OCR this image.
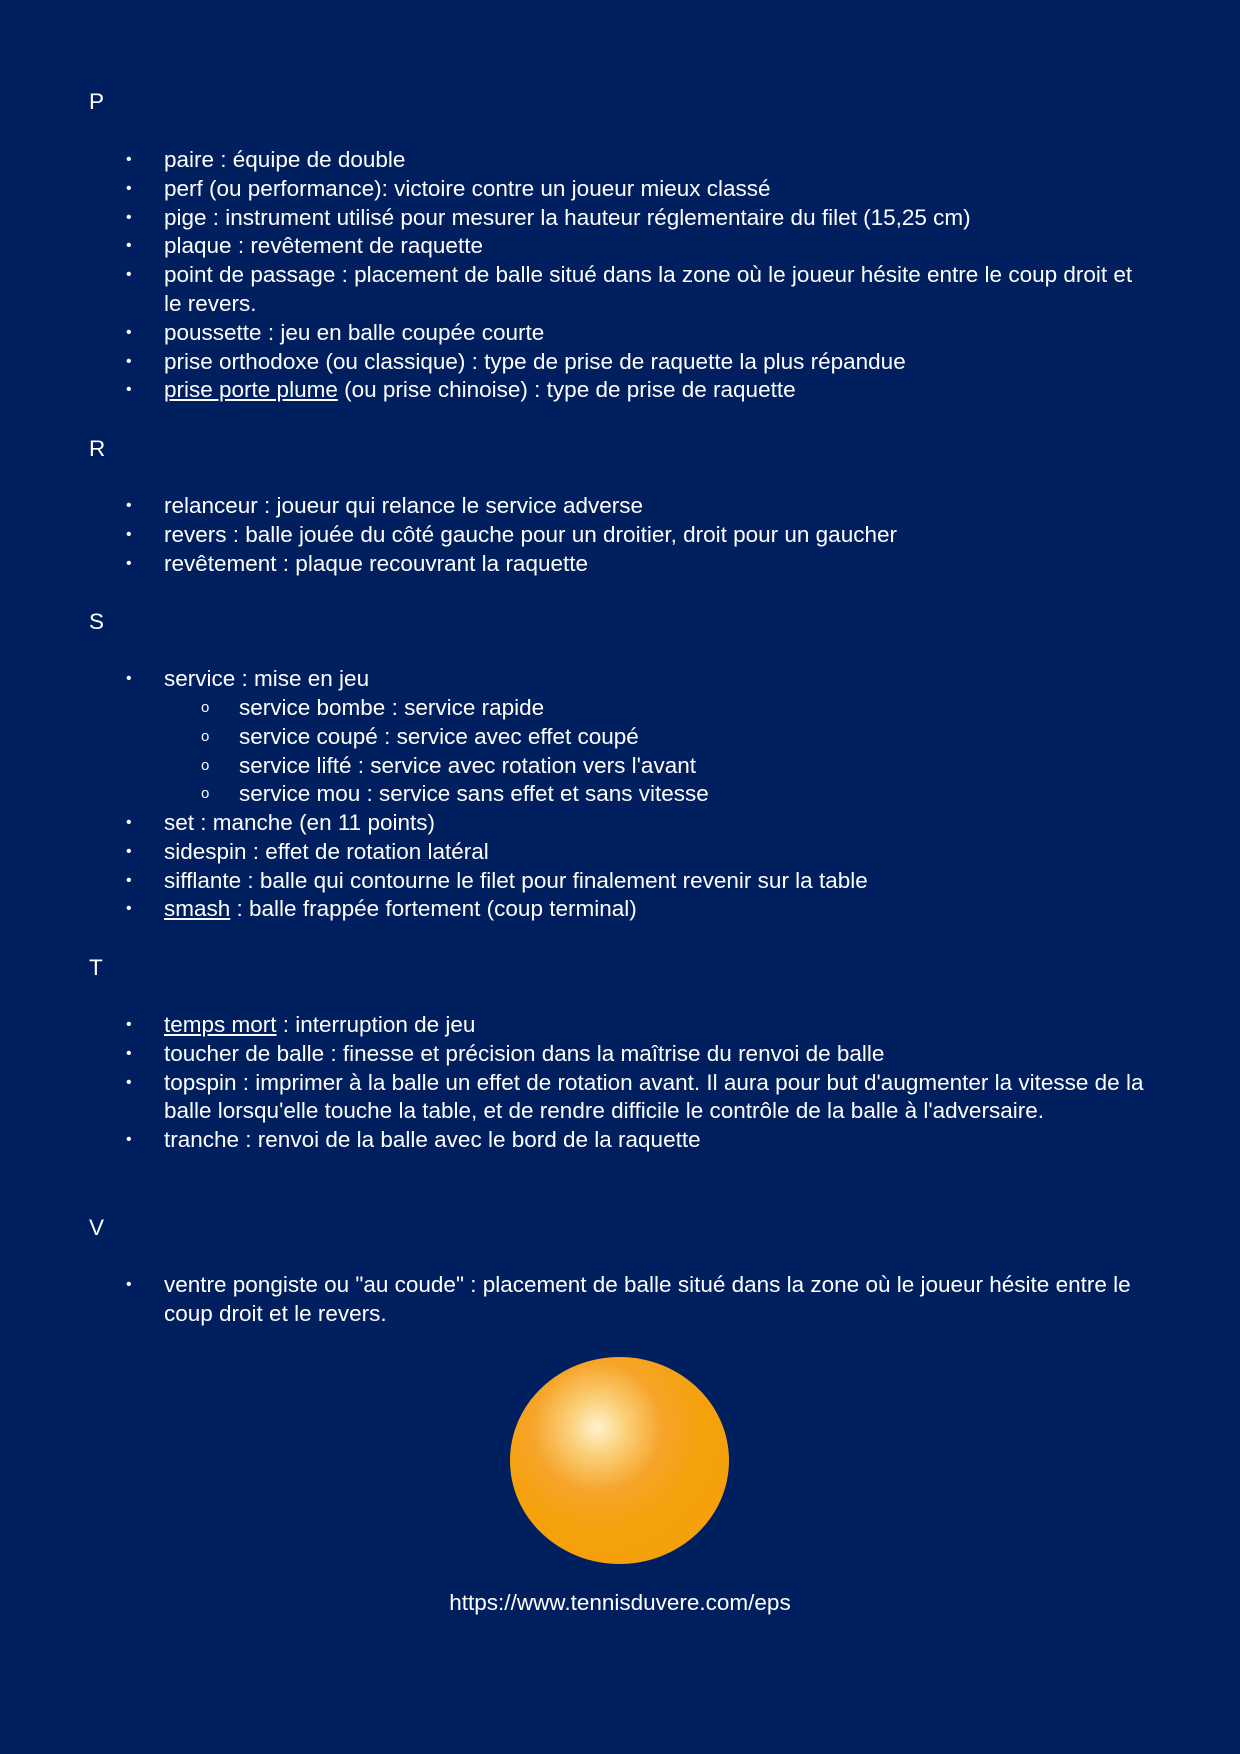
P
• paire : équipe de double
• perf (ou performance): victoire contre un joueur mieux classé
• pige : instrument utilisé pour mesurer la hauteur réglementaire du filet (15,25 cm)
• plaque : revêtement de raquette
• point de passage : placement de balle situé dans la zone où le joueur hésite entre le coup droit et le revers.
• poussette : jeu en balle coupée courte
• prise orthodoxe (ou classique) : type de prise de raquette la plus répandue
• prise porte plume (ou prise chinoise) : type de prise de raquette
R
• relanceur : joueur qui relance le service adverse
• revers : balle jouée du côté gauche pour un droitier, droit pour un gaucher
• revêtement : plaque recouvrant la raquette
S
• service : mise en jeu
o service bombe : service rapide
o service coupé : service avec effet coupé
o service lifté : service avec rotation vers l'avant
o service mou : service sans effet et sans vitesse
• set : manche (en 11 points)
• sidespin : effet de rotation latéral
• sifflante : balle qui contourne le filet pour finalement revenir sur la table
• smash : balle frappée fortement (coup terminal)
T
• temps mort : interruption de jeu
• toucher de balle : finesse et précision dans la maîtrise du renvoi de balle
• topspin : imprimer à la balle un effet de rotation avant. Il aura pour but d'augmenter la vitesse de la balle lorsqu'elle touche la table, et de rendre difficile le contrôle de la balle à l'adversaire.
• tranche : renvoi de la balle avec le bord de la raquette
V
• ventre pongiste ou "au coude" : placement de balle situé dans la zone où le joueur hésite entre le coup droit et le revers.
https://www.tennisduvere.com/eps
